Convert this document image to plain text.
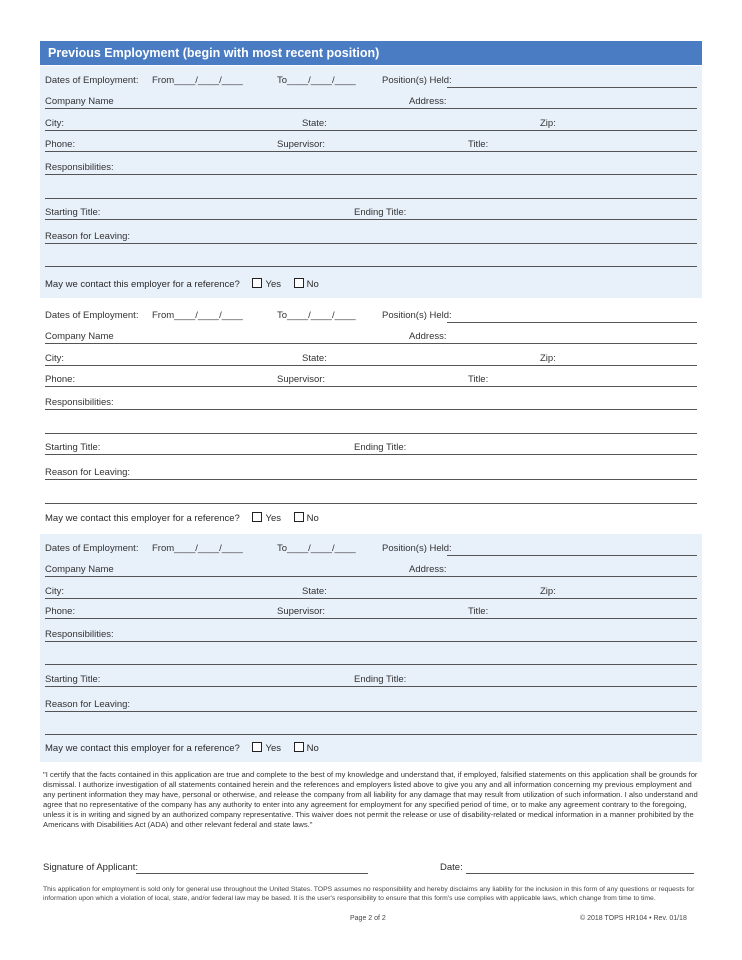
Previous Employment (begin with most recent position)
Dates of Employment: From____/____/____	To____/____/____	Position(s) Held:
Company Name	Address:
City:	State:	Zip:
Phone:	Supervisor:	Title:
Responsibilities:
Starting Title:	Ending Title:
Reason for Leaving:
May we contact this employer for a reference?	Yes	No
Dates of Employment: From____/____/____	To____/____/____	Position(s) Held:
Company Name	Address:
City:	State:	Zip:
Phone:	Supervisor:	Title:
Responsibilities:
Starting Title:	Ending Title:
Reason for Leaving:
May we contact this employer for a reference?	Yes	No
Dates of Employment: From____/____/____	To____/____/____	Position(s) Held:
Company Name	Address:
City:	State:	Zip:
Phone:	Supervisor:	Title:
Responsibilities:
Starting Title:	Ending Title:
Reason for Leaving:
May we contact this employer for a reference?	Yes	No
"I certify that the facts contained in this application are true and complete to the best of my knowledge and understand that, if employed, falsified statements on this application shall be grounds for dismissal. I authorize investigation of all statements contained herein and the references and employers listed above to give you any and all information concerning my previous employment and any pertinent information they may have, personal or otherwise, and release the company from all liability for any damage that may result from utilization of such information. I also understand and agree that no representative of the company has any authority to enter into any agreement for employment for any specified period of time, or to make any agreement contrary to the foregoing, unless it is in writing and signed by an authorized company representative. This waiver does not permit the release or use of disability-related or medical information in a manner prohibited by the Americans with Disabilities Act (ADA) and other relevant federal and state laws."
Signature of Applicant:	Date:
This application for employment is sold only for general use throughout the United States. TOPS assumes no responsibility and hereby disclaims any liability for the inclusion in this form of any questions or requests for information upon which a violation of local, state, and/or federal law may be based. It is the user's responsibility to ensure that this form's use complies with applicable laws, which change from time to time.
Page 2 of 2	© 2018 TOPS HR104 • Rev. 01/18
